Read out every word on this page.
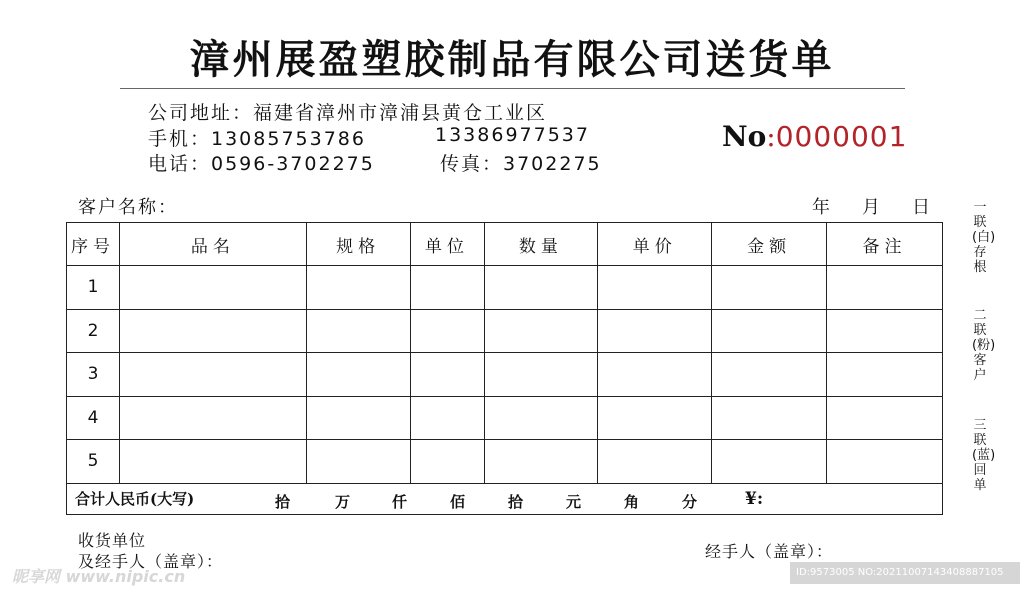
漳州展盈塑胶制品有限公司送货单
公司地址：福建省漳州市漳浦县黄仓工业区
手机：13085753786	13386977537
电话：0596-3702275	传真：3702275
No:0000001
客户名称：	年 月 日
序号	品名	规格	单位	数量	单价	金额	备注
1							
2							
3							
4							
5							
合计人民币(大写)								拾	万	仟	佰	拾	元	角	分	¥:
收货单位
及经手人（盖章）：
经手人（盖章）：
一联(白)存根
二联(粉)客户
三联(蓝)回单
昵享网 www.nipic.cn	ID:9573005 NO:20211007143408887105
